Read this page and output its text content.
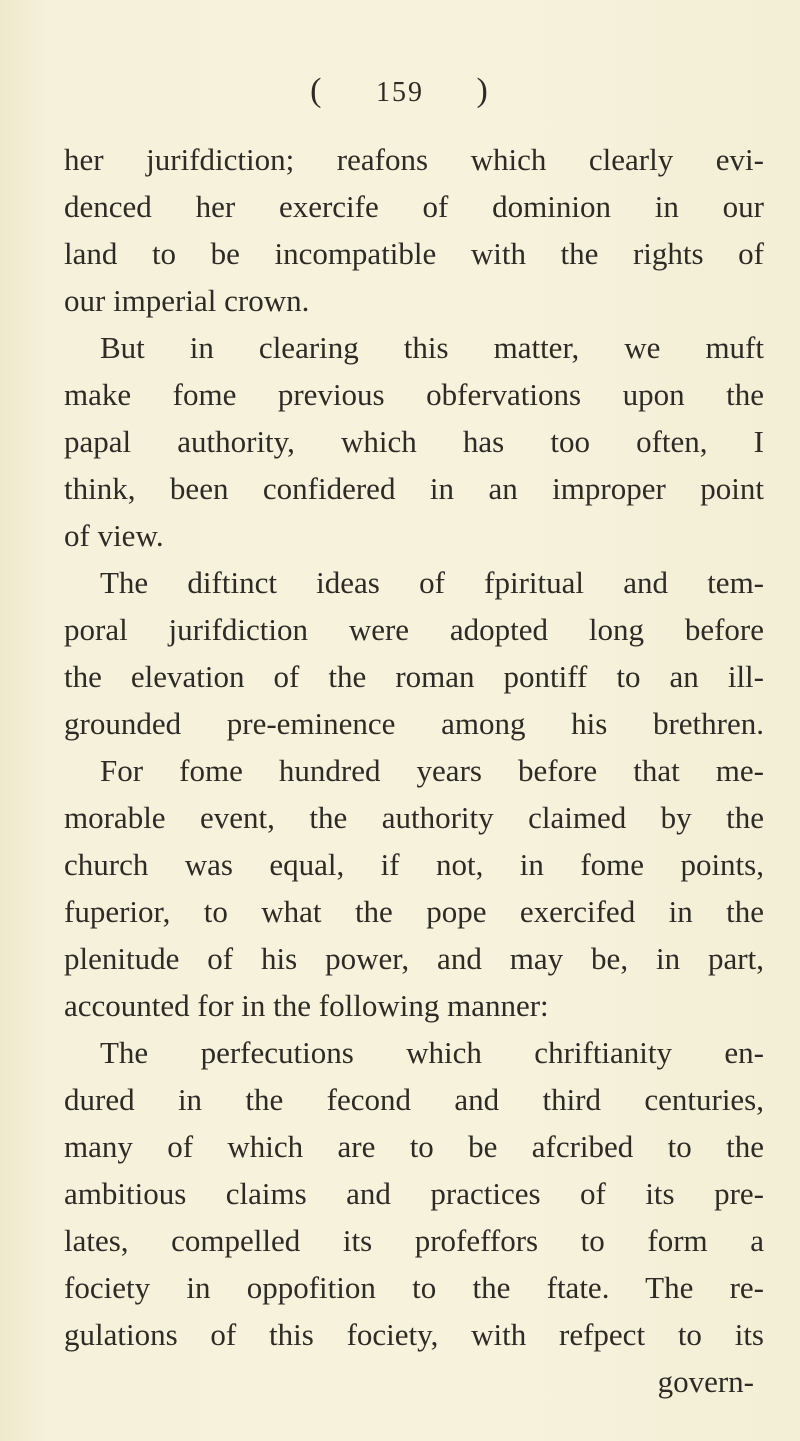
( 159 )
her jurifdiction; reafons which clearly evi-
denced her exercife of dominion in our
land to be incompatible with the rights of
our imperial crown.
But in clearing this matter, we muft
make fome previous obfervations upon the
papal authority, which has too often, I
think, been confidered in an improper point
of view.
The diftinct ideas of fpiritual and tem-
poral jurifdiction were adopted long before
the elevation of the roman pontiff to an ill-
grounded pre-eminence among his brethren.
For fome hundred years before that me-
morable event, the authority claimed by the
church was equal, if not, in fome points,
fuperior, to what the pope exercifed in the
plenitude of his power, and may be, in part,
accounted for in the following manner:
The perfecutions which chriftianity en-
dured in the fecond and third centuries,
many of which are to be afcribed to the
ambitious claims and practices of its pre-
lates, compelled its profeffors to form a
fociety in oppofition to the ftate. The re-
gulations of this fociety, with refpect to its
govern-
